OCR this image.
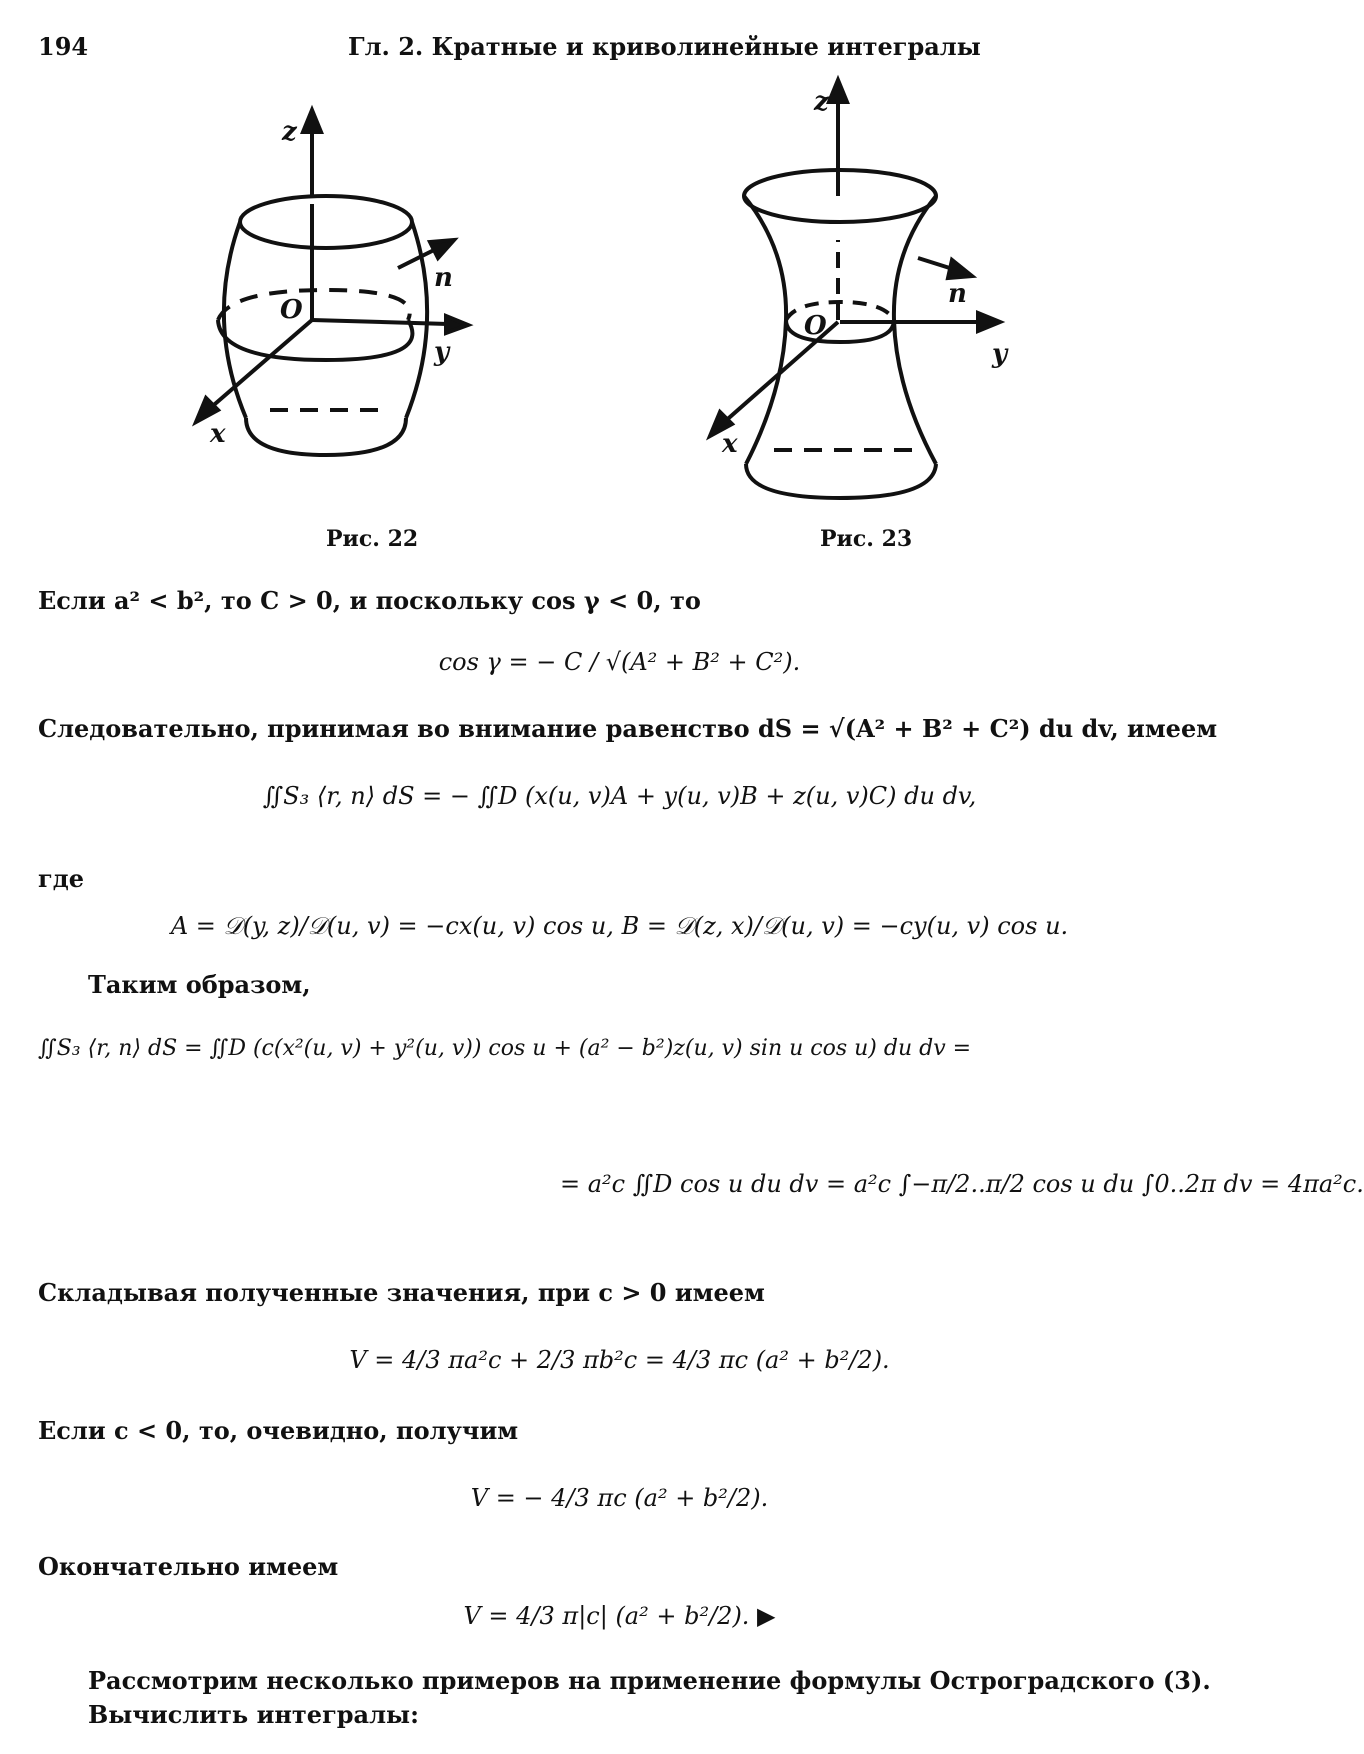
194	Гл. 2. Кратные и криволинейные интегралы
z
n
O
y
x
Рис. 22
z
n
O
y
x
Рис. 23
Если a² < b², то C > 0, и поскольку cos γ < 0, то
cos γ = − C / √(A² + B² + C²).
Следовательно, принимая во внимание равенство dS = √(A² + B² + C²) du dv, имеем
∬S₃ ⟨r, n⟩ dS = − ∬D (x(u, v)A + y(u, v)B + z(u, v)C) du dv,
где
A = 𝒟(y, z)/𝒟(u, v) = −cx(u, v) cos u, B = 𝒟(z, x)/𝒟(u, v) = −cy(u, v) cos u.
Таким образом,
∬S₃ ⟨r, n⟩ dS = ∬D (c(x²(u, v) + y²(u, v)) cos u + (a² − b²)z(u, v) sin u cos u) du dv =
= a²c ∬D cos u du dv = a²c ∫−π/2..π/2 cos u du ∫0..2π dv = 4πa²c.
Складывая полученные значения, при c > 0 имеем
V = 4/3 πa²c + 2/3 πb²c = 4/3 πc (a² + b²/2).
Если c < 0, то, очевидно, получим
V = − 4/3 πc (a² + b²/2).
Окончательно имеем
V = 4/3 π|c| (a² + b²/2). ▶
Рассмотрим несколько примеров на применение формулы Остроградского (3).
Вычислить интегралы:
